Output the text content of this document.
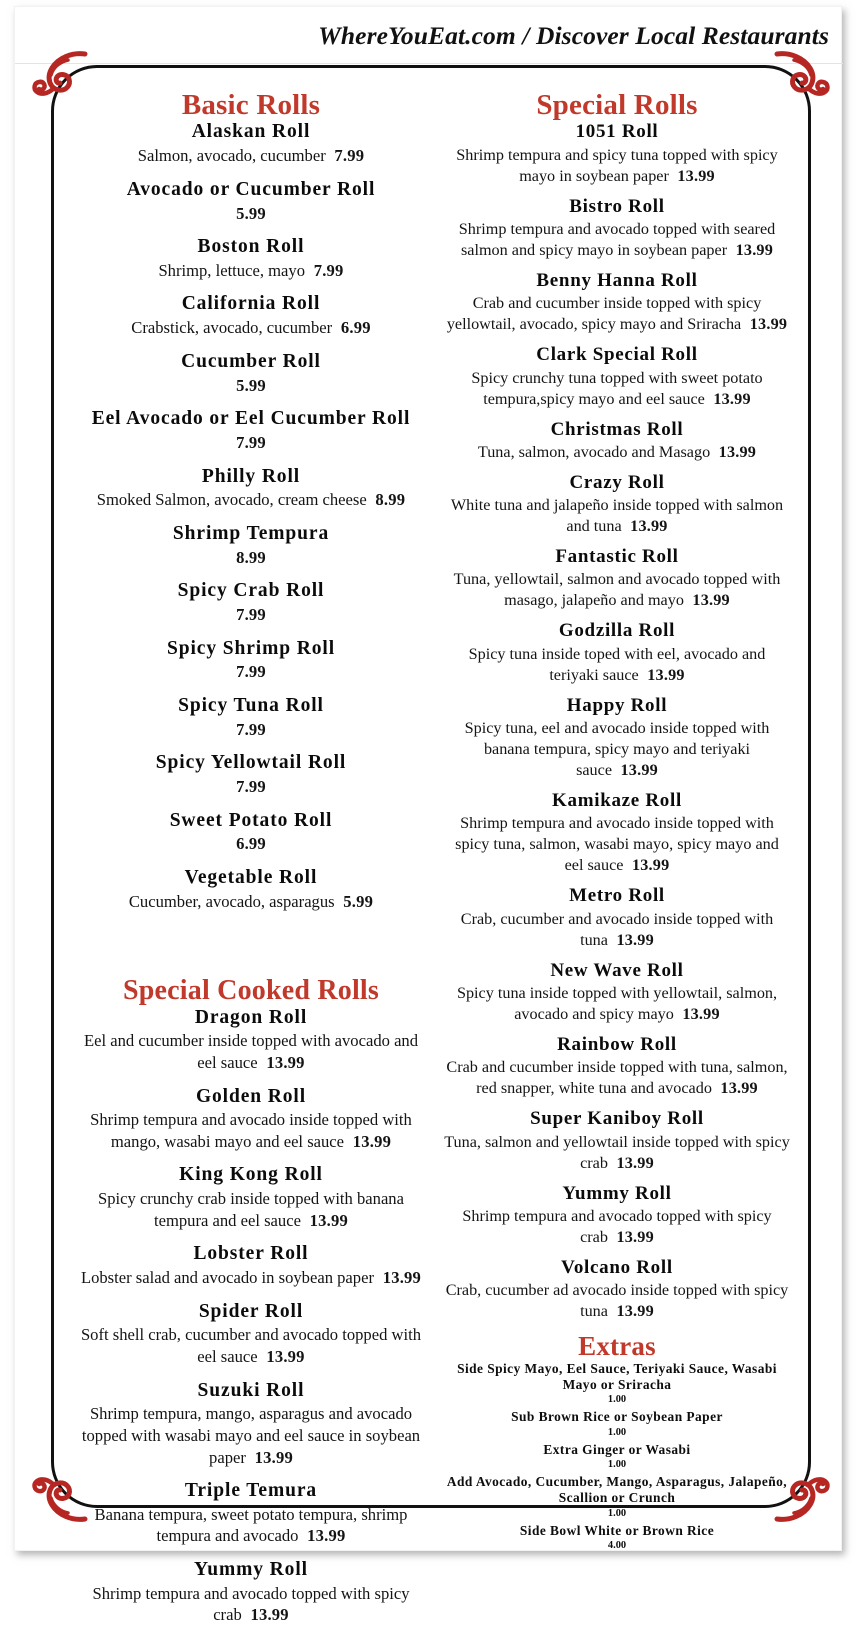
WhereYouEat.com / Discover Local Restaurants
Basic Rolls
Alaskan Roll
Salmon, avocado, cucumber  7.99
Avocado or Cucumber Roll
5.99
Boston Roll
Shrimp, lettuce, mayo  7.99
California Roll
Crabstick, avocado, cucumber  6.99
Cucumber Roll
5.99
Eel Avocado or Eel Cucumber Roll
7.99
Philly Roll
Smoked Salmon, avocado, cream cheese  8.99
Shrimp Tempura
8.99
Spicy Crab Roll
7.99
Spicy Shrimp Roll
7.99
Spicy Tuna Roll
7.99
Spicy Yellowtail Roll
7.99
Sweet Potato Roll
6.99
Vegetable Roll
Cucumber, avocado, asparagus  5.99
Special Cooked Rolls
Dragon Roll
Eel and cucumber inside topped with avocado and eel sauce  13.99
Golden Roll
Shrimp tempura and avocado inside topped with mango, wasabi mayo and eel sauce  13.99
King Kong Roll
Spicy crunchy crab inside topped with banana tempura and eel sauce  13.99
Lobster Roll
Lobster salad and avocado in soybean paper  13.99
Spider Roll
Soft shell crab, cucumber and avocado topped with eel sauce  13.99
Suzuki Roll
Shrimp tempura, mango, asparagus and avocado topped with wasabi mayo and eel sauce in soybean paper  13.99
Triple Temura
Banana tempura, sweet potato tempura, shrimp tempura and avocado  13.99
Yummy Roll
Shrimp tempura and avocado topped with spicy crab  13.99
Special Rolls
1051 Roll
Shrimp tempura and spicy tuna topped with spicy mayo in soybean paper  13.99
Bistro Roll
Shrimp tempura and avocado topped with seared salmon and spicy mayo in soybean paper  13.99
Benny Hanna Roll
Crab and cucumber inside topped with spicy yellowtail, avocado, spicy mayo and Sriracha  13.99
Clark Special Roll
Spicy crunchy tuna topped with sweet potato tempura,spicy mayo and eel sauce  13.99
Christmas Roll
Tuna, salmon, avocado and Masago  13.99
Crazy Roll
White tuna and jalapeño inside topped with salmon and tuna  13.99
Fantastic Roll
Tuna, yellowtail, salmon and avocado topped with masago, jalapeño and mayo  13.99
Godzilla Roll
Spicy tuna inside toped with eel, avocado and teriyaki sauce  13.99
Happy Roll
Spicy tuna, eel and avocado inside topped with banana tempura, spicy mayo and teriyaki sauce  13.99
Kamikaze Roll
Shrimp tempura and avocado inside topped with spicy tuna, salmon, wasabi mayo, spicy mayo and eel sauce  13.99
Metro Roll
Crab, cucumber and avocado inside topped with tuna  13.99
New Wave Roll
Spicy tuna inside topped with yellowtail, salmon, avocado and spicy mayo  13.99
Rainbow Roll
Crab and cucumber inside topped with tuna, salmon, red snapper, white tuna and avocado  13.99
Super Kaniboy Roll
Tuna, salmon and yellowtail inside topped with spicy crab  13.99
Yummy Roll
Shrimp tempura and avocado topped with spicy crab  13.99
Volcano Roll
Crab, cucumber ad avocado inside topped with spicy tuna  13.99
Extras
Side Spicy Mayo, Eel Sauce, Teriyaki Sauce, Wasabi Mayo or Sriracha
1.00
Sub Brown Rice or Soybean Paper
1.00
Extra Ginger or Wasabi
1.00
Add Avocado, Cucumber, Mango, Asparagus, Jalapeño, Scallion or Crunch
1.00
Side Bowl White or Brown Rice
4.00
